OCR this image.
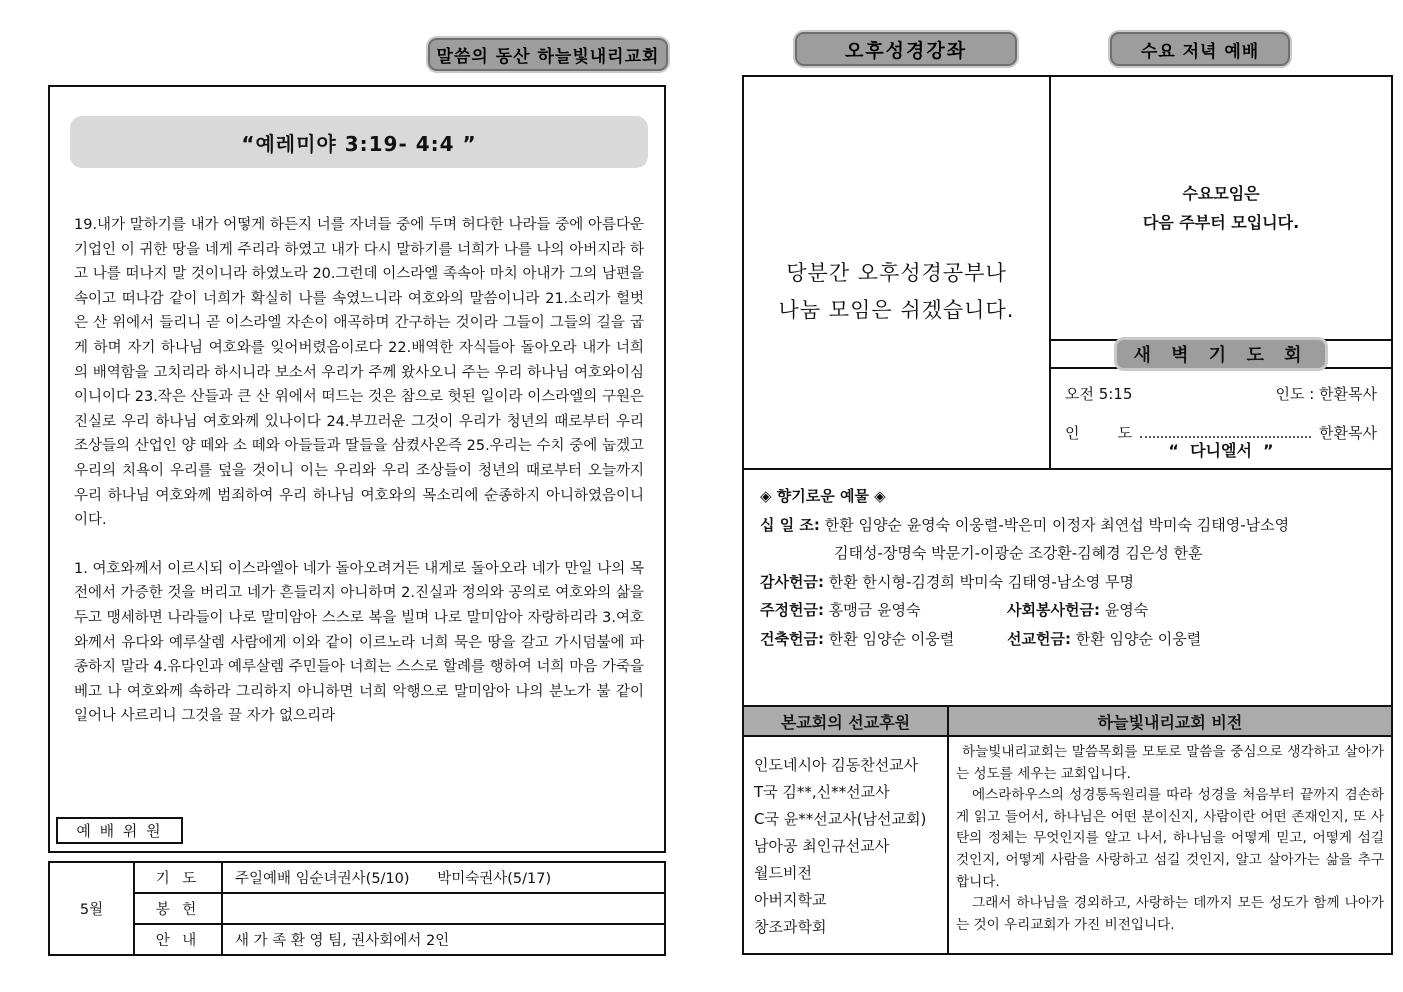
말씀의 동산 하늘빛내리교회	오후성경강좌	수요 저녁 예배
“예레미야 3:19- 4:4 ”
19.내가 말하기를 내가 어떻게 하든지 너를 자녀들 중에 두며 허다한 나라들 중에 아름다운 기업인 이 귀한 땅을 네게 주리라 하였고 내가 다시 말하기를 너희가 나를 나의 아버지라 하고 나를 떠나지 말 것이니라 하였노라 20.그런데 이스라엘 족속아 마치 아내가 그의 남편을 속이고 떠나감 같이 너희가 확실히 나를 속였느니라 여호와의 말씀이니라 21.소리가 헐벗은 산 위에서 들리니 곧 이스라엘 자손이 애곡하며 간구하는 것이라 그들이 그들의 길을 굽게 하며 자기 하나님 여호와를 잊어버렸음이로다 22.배역한 자식들아 돌아오라 내가 너희의 배역함을 고치리라 하시니라 보소서 우리가 주께 왔사오니 주는 우리 하나님 여호와이심이니이다 23.작은 산들과 큰 산 위에서 떠드는 것은 참으로 헛된 일이라 이스라엘의 구원은 진실로 우리 하나님 여호와께 있나이다 24.부끄러운 그것이 우리가 청년의 때로부터 우리 조상들의 산업인 양 떼와 소 떼와 아들들과 딸들을 삼켰사온즉 25.우리는 수치 중에 눕겠고 우리의 치욕이 우리를 덮을 것이니 이는 우리와 우리 조상들이 청년의 때로부터 오늘까지 우리 하나님 여호와께 범죄하여 우리 하나님 여호와의 목소리에 순종하지 아니하였음이니이다.
1. 여호와께서 이르시되 이스라엘아 네가 돌아오려거든 내게로 돌아오라 네가 만일 나의 목전에서 가증한 것을 버리고 네가 흔들리지 아니하며 2.진실과 정의와 공의로 여호와의 삶을 두고 맹세하면 나라들이 나로 말미암아 스스로 복을 빌며 나로 말미암아 자랑하리라 3.여호와께서 유다와 예루살렘 사람에게 이와 같이 이르노라 너희 묵은 땅을 갈고 가시덤불에 파종하지 말라 4.유다인과 예루살렘 주민들아 너희는 스스로 할례를 행하여 너희 마음 가죽을 베고 나 여호와께 속하라 그리하지 아니하면 너희 악행으로 말미암아 나의 분노가 불 같이 일어나 사르리니 그것을 끌 자가 없으리라
예 배 위 원
5월	기 도	주일예배 임순녀권사(5/10)      박미숙권사(5/17)
	봉 헌	
	안 내	새 가 족 환 영 팀, 권사회에서 2인
당분간 오후성경공부나
나눔 모임은 쉬겠습니다.
수요모임은
다음 주부터 모입니다.
새 벽 기 도 회
오전 5:15	인도 : 한환목사
인        도	한환목사
“  다니엘서  ”
◈ 향기로운 예물 ◈
십 일 조: 한환 임양순 윤영숙 이웅렬-박은미 이정자 최연섭 박미숙 김태영-남소영
김태성-장명숙 박문기-이광순 조강환-김혜경 김은성 한훈
감사헌금: 한환 한시형-김경희 박미숙 김태영-남소영 무명
주정헌금: 홍맹금 윤영숙	사회봉사헌금: 윤영숙
건축헌금: 한환 임양순 이웅렬	선교헌금: 한환 임양순 이웅렬
본교회의 선교후원	하늘빛내리교회 비전
인도네시아 김동찬선교사
T국 김**,신**선교사
C국 윤**선교사(남선교회)
남아공 최인규선교사
월드비전
아버지학교
창조과학회
하늘빛내리교회는 말씀목회를 모토로 말씀을 중심으로 생각하고 살아가는 성도를 세우는 교회입니다.
에스라하우스의 성경통독원리를 따라 성경을 처음부터 끝까지 겸손하게 읽고 들어서, 하나님은 어떤 분이신지, 사람이란 어떤 존재인지, 또 사탄의 정체는 무엇인지를 알고 나서, 하나님을 어떻게 믿고, 어떻게 섬길 것인지, 어떻게 사람을 사랑하고 섬길 것인지, 알고 살아가는 삶을 추구합니다.
그래서 하나님을 경외하고, 사랑하는 데까지 모든 성도가 함께 나아가는 것이 우리교회가 가진 비전입니다.
